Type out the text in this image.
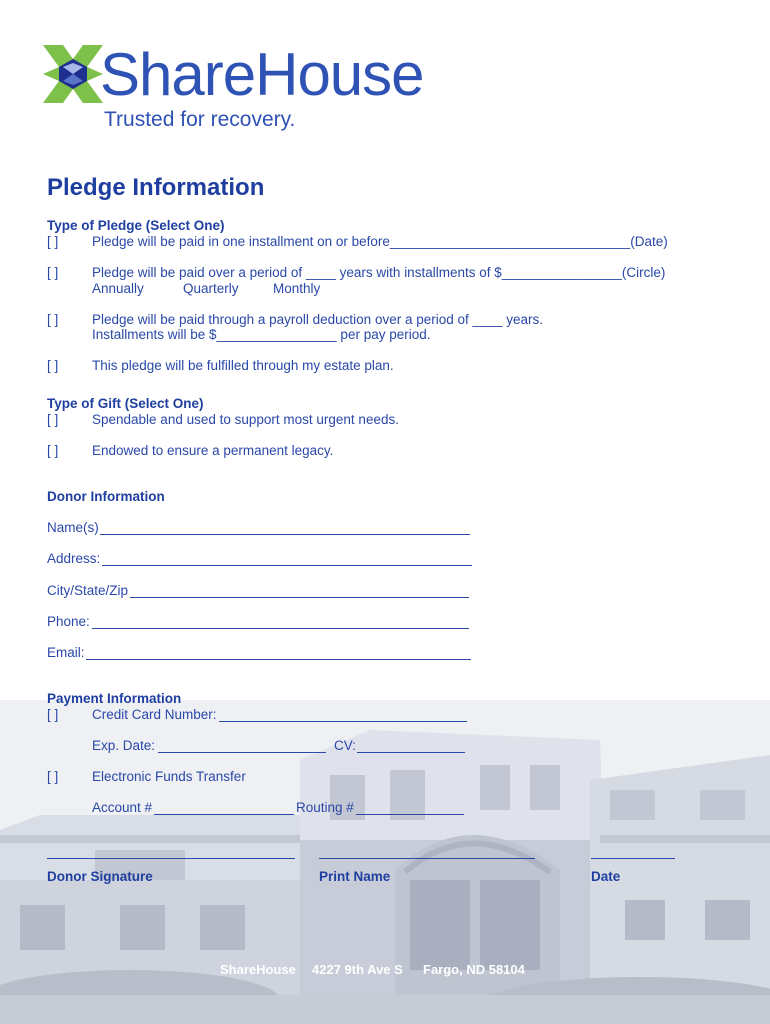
ShareHouse
Trusted for recovery.
Pledge Information
Type of Pledge (Select One)
[ ] Pledge will be paid in one installment on or before________________________________(Date)
[ ] Pledge will be paid over a period of ____ years with installments of $________________(Circle)
Annually	Quarterly	Monthly
[ ] Pledge will be paid through a payroll deduction over a period of ____ years.
Installments will be $________________ per pay period.
[ ] This pledge will be fulfilled through my estate plan.
Type of Gift (Select One)
[ ] Spendable and used to support most urgent needs.
[ ] Endowed to ensure a permanent legacy.
Donor Information
Name(s)
Address:
City/State/Zip
Phone:
Email:
Payment Information
[ ] Credit Card Number:
Exp. Date:	CV:
[ ] Electronic Funds Transfer
Account #	Routing #
Donor Signature	Print Name	Date
ShareHouse 4227 9th Ave S Fargo, ND 58104
